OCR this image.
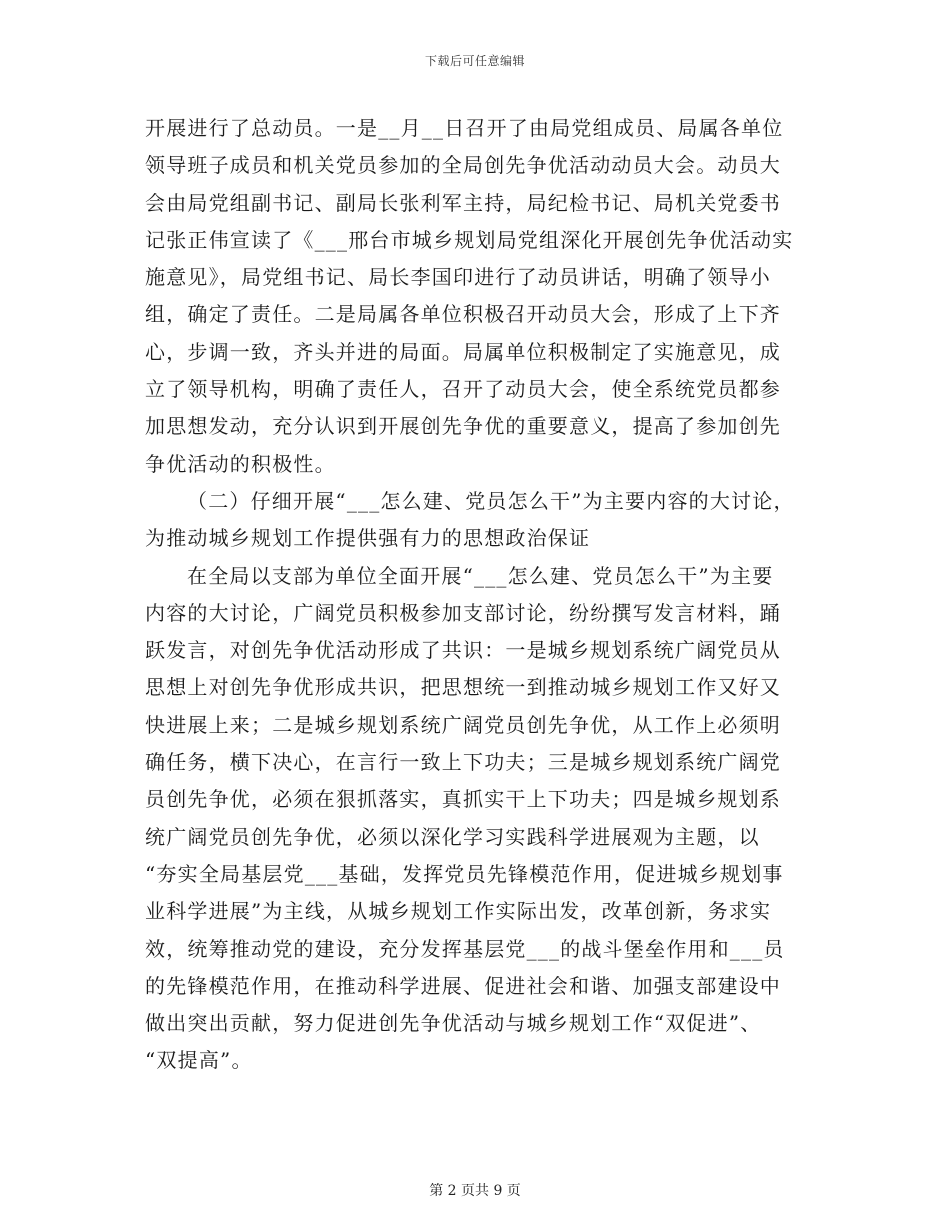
下载后可任意编辑
开展进行了总动员。一是__月__日召开了由局党组成员、局属各单位
领导班子成员和机关党员参加的全局创先争优活动动员大会。动员大
会由局党组副书记、副局长张利军主持，局纪检书记、局机关党委书
记张正伟宣读了《___邢台市城乡规划局党组深化开展创先争优活动实
施意见》，局党组书记、局长李国印进行了动员讲话，明确了领导小
组，确定了责任。二是局属各单位积极召开动员大会，形成了上下齐
心，步调一致，齐头并进的局面。局属单位积极制定了实施意见，成
立了领导机构，明确了责任人，召开了动员大会，使全系统党员都参
加思想发动，充分认识到开展创先争优的重要意义，提高了参加创先
争优活动的积极性。
（二）仔细开展“___怎么建、党员怎么干”为主要内容的大讨论，
为推动城乡规划工作提供强有力的思想政治保证
在全局以支部为单位全面开展“___怎么建、党员怎么干”为主要
内容的大讨论，广阔党员积极参加支部讨论，纷纷撰写发言材料，踊
跃发言，对创先争优活动形成了共识：一是城乡规划系统广阔党员从
思想上对创先争优形成共识，把思想统一到推动城乡规划工作又好又
快进展上来；二是城乡规划系统广阔党员创先争优，从工作上必须明
确任务，横下决心，在言行一致上下功夫；三是城乡规划系统广阔党
员创先争优，必须在狠抓落实，真抓实干上下功夫；四是城乡规划系
统广阔党员创先争优，必须以深化学习实践科学进展观为主题，以
“夯实全局基层党___基础，发挥党员先锋模范作用，促进城乡规划事
业科学进展”为主线，从城乡规划工作实际出发，改革创新，务求实
效，统筹推动党的建设，充分发挥基层党___的战斗堡垒作用和___员
的先锋模范作用，在推动科学进展、促进社会和谐、加强支部建设中
做出突出贡献，努力促进创先争优活动与城乡规划工作“双促进”、
“双提高”。
第 2 页共 9 页
